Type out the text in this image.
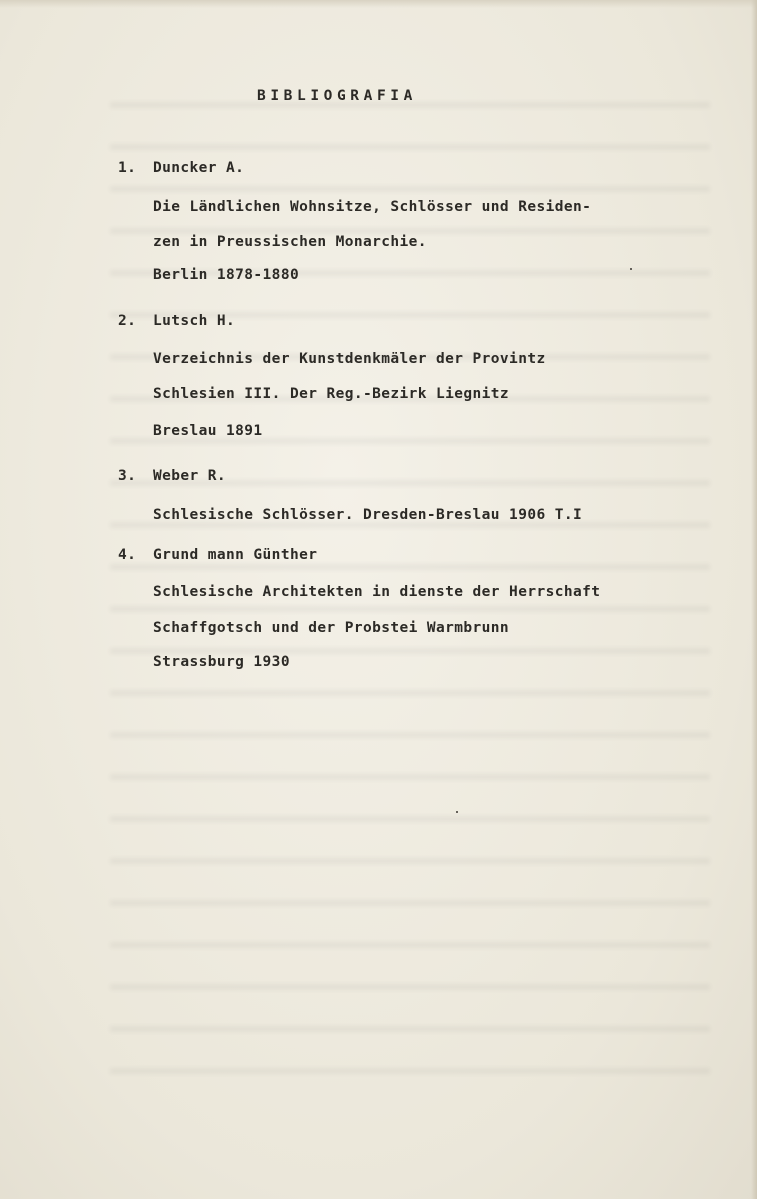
BIBLIOGRAFIA
1. Duncker A.
Die Ländlichen Wohnsitze, Schlösser und Residen-
zen in Preussischen Monarchie.
Berlin 1878-1880
2. Lutsch H.
Verzeichnis der Kunstdenkmäler der Provintz
Schlesien III. Der Reg.-Bezirk Liegnitz
Breslau 1891
3. Weber R.
Schlesische Schlösser. Dresden-Breslau 1906 T.I
4. Grund mann Günther
Schlesische Architekten in dienste der Herrschaft
Schaffgotsch und der Probstei Warmbrunn
Strassburg 1930
